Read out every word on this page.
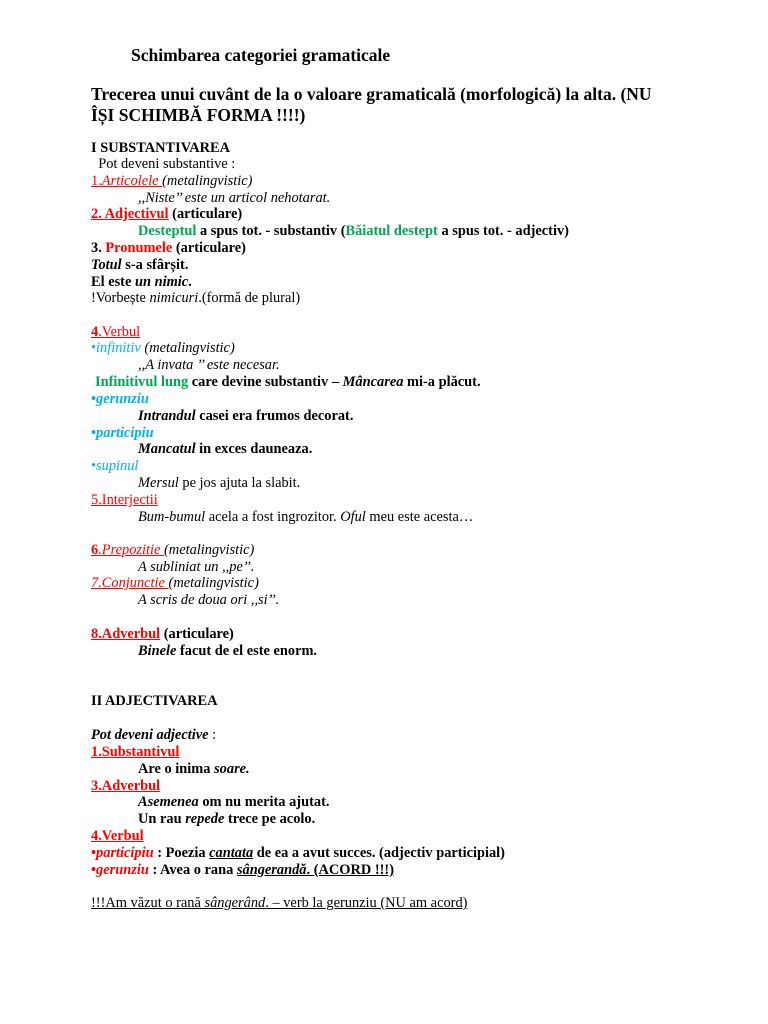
Schimbarea categoriei gramaticale
Trecerea unui cuvânt de la o valoare gramaticală (morfologică) la alta. (NU
ÎȘI SCHIMBĂ FORMA !!!!)
I SUBSTANTIVAREA
Pot deveni substantive :
1.Articolele (metalingvistic)
,,Niste’’ este un articol nehotarat.
2. Adjectivul (articulare)
Desteptul a spus tot. - substantiv (Băiatul destept a spus tot. - adjectiv)
3. Pronumele (articulare)
Totul s-a sfârșit.
El este un nimic.
!Vorbește nimicuri.(formă de plural)
4.Verbul
•infinitiv (metalingvistic)
,,A invata ’’ este necesar.
Infinitivul lung care devine substantiv – Mâncarea mi-a plăcut.
•gerunziu
Intrandul casei era frumos decorat.
•participiu
Mancatul in exces dauneaza.
•supinul
Mersul pe jos ajuta la slabit.
5.Interjectii
Bum-bumul acela a fost ingrozitor. Oful meu este acesta…
6.Prepozitie (metalingvistic)
A subliniat un ,,pe’’.
7.Conjunctie (metalingvistic)
A scris de doua ori ,,si’’.
8.Adverbul (articulare)
Binele facut de el este enorm.
II ADJECTIVAREA
Pot deveni adjective :
1.Substantivul
Are o inima soare.
3.Adverbul
Asemenea om nu merita ajutat.
Un rau repede trece pe acolo.
4.Verbul
•participiu : Poezia cantata de ea a avut succes. (adjectiv participial)
•gerunziu : Avea o rana sângerandă. (ACORD !!!)
!!!Am văzut o rană sângerând. – verb la gerunziu (NU am acord)
